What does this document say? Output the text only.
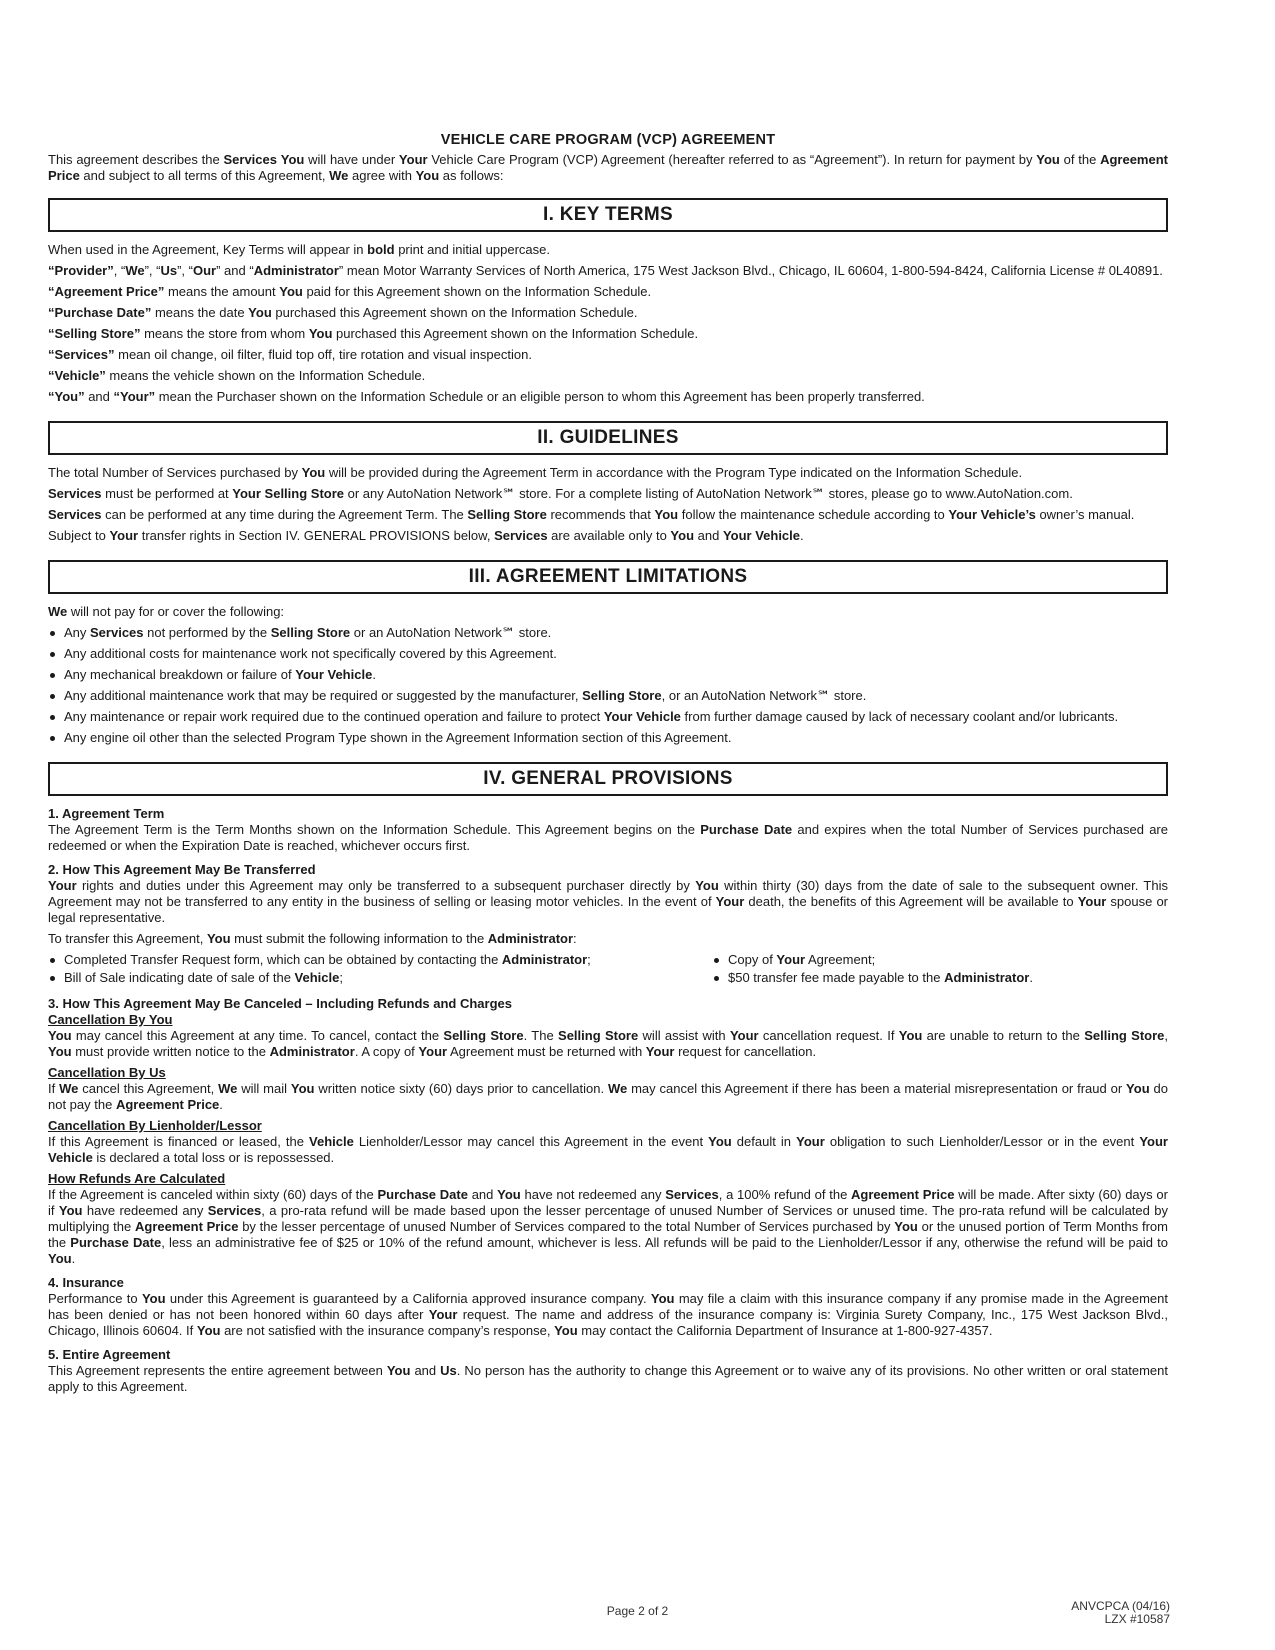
VEHICLE CARE PROGRAM (VCP) AGREEMENT
This agreement describes the Services You will have under Your Vehicle Care Program (VCP) Agreement (hereafter referred to as “Agreement”). In return for payment by You of the Agreement Price and subject to all terms of this Agreement, We agree with You as follows:
I. KEY TERMS

When used in the Agreement, Key Terms will appear in bold print and initial uppercase.

“Provider”, “We”, “Us”, “Our” and “Administrator” mean Motor Warranty Services of North America, 175 West Jackson Blvd., Chicago, IL 60604, 1-800-594-8424, California License # 0L40891.

“Agreement Price” means the amount You paid for this Agreement shown on the Information Schedule.

“Purchase Date” means the date You purchased this Agreement shown on the Information Schedule.

“Selling Store” means the store from whom You purchased this Agreement shown on the Information Schedule.

“Services” mean oil change, oil filter, fluid top off, tire rotation and visual inspection.

“Vehicle” means the vehicle shown on the Information Schedule.

“You” and “Your” mean the Purchaser shown on the Information Schedule or an eligible person to whom this Agreement has been properly transferred.

II. GUIDELINES

The total Number of Services purchased by You will be provided during the Agreement Term in accordance with the Program Type indicated on the Information Schedule.

Services must be performed at Your Selling Store or any AutoNation Network℠ store. For a complete listing of AutoNation Network℠ stores, please go to www.AutoNation.com.

Services can be performed at any time during the Agreement Term. The Selling Store recommends that You follow the maintenance schedule according to Your Vehicle’s owner’s manual.

Subject to Your transfer rights in Section IV. GENERAL PROVISIONS below, Services are available only to You and Your Vehicle.

III. AGREEMENT LIMITATIONS

We will not pay for or cover the following:

Any Services not performed by the Selling Store or an AutoNation Network℠ store.
Any additional costs for maintenance work not specifically covered by this Agreement.
Any mechanical breakdown or failure of Your Vehicle.
Any additional maintenance work that may be required or suggested by the manufacturer, Selling Store, or an AutoNation Network℠ store.
Any maintenance or repair work required due to the continued operation and failure to protect Your Vehicle from further damage caused by lack of necessary coolant and/or lubricants.
Any engine oil other than the selected Program Type shown in the Agreement Information section of this Agreement.
IV. GENERAL PROVISIONS
1. Agreement Term

The Agreement Term is the Term Months shown on the Information Schedule. This Agreement begins on the Purchase Date and expires when the total Number of Services purchased are redeemed or when the Expiration Date is reached, whichever occurs first.

2. How This Agreement May Be Transferred

Your rights and duties under this Agreement may only be transferred to a subsequent purchaser directly by You within thirty (30) days from the date of sale to the subsequent owner. This Agreement may not be transferred to any entity in the business of selling or leasing motor vehicles. In the event of Your death, the benefits of this Agreement will be available to Your spouse or legal representative.

To transfer this Agreement, You must submit the following information to the Administrator:

Completed Transfer Request form, which can be obtained by contacting the Administrator;
Bill of Sale indicating date of sale of the Vehicle;
Copy of Your Agreement;
$50 transfer fee made payable to the Administrator.
3. How This Agreement May Be Canceled – Including Refunds and Charges
Cancellation By You

You may cancel this Agreement at any time. To cancel, contact the Selling Store. The Selling Store will assist with Your cancellation request. If You are unable to return to the Selling Store, You must provide written notice to the Administrator. A copy of Your Agreement must be returned with Your request for cancellation.

Cancellation By Us

If We cancel this Agreement, We will mail You written notice sixty (60) days prior to cancellation. We may cancel this Agreement if there has been a material misrepresentation or fraud or You do not pay the Agreement Price.

Cancellation By Lienholder/Lessor

If this Agreement is financed or leased, the Vehicle Lienholder/Lessor may cancel this Agreement in the event You default in Your obligation to such Lienholder/Lessor or in the event Your Vehicle is declared a total loss or is repossessed.

How Refunds Are Calculated

If the Agreement is canceled within sixty (60) days of the Purchase Date and You have not redeemed any Services, a 100% refund of the Agreement Price will be made. After sixty (60) days or if You have redeemed any Services, a pro-rata refund will be made based upon the lesser percentage of unused Number of Services or unused time. The pro-rata refund will be calculated by multiplying the Agreement Price by the lesser percentage of unused Number of Services compared to the total Number of Services purchased by You or the unused portion of Term Months from the Purchase Date, less an administrative fee of $25 or 10% of the refund amount, whichever is less. All refunds will be paid to the Lienholder/Lessor if any, otherwise the refund will be paid to You.

4. Insurance

Performance to You under this Agreement is guaranteed by a California approved insurance company. You may file a claim with this insurance company if any promise made in the Agreement has been denied or has not been honored within 60 days after Your request. The name and address of the insurance company is: Virginia Surety Company, Inc., 175 West Jackson Blvd., Chicago, Illinois 60604. If You are not satisfied with the insurance company’s response, You may contact the California Department of Insurance at 1-800-927-4357.

5. Entire Agreement

This Agreement represents the entire agreement between You and Us. No person has the authority to change this Agreement or to waive any of its provisions. No other written or oral statement apply to this Agreement.

Page 2 of 2	ANVCPCA (04/16)
LZX #10587
